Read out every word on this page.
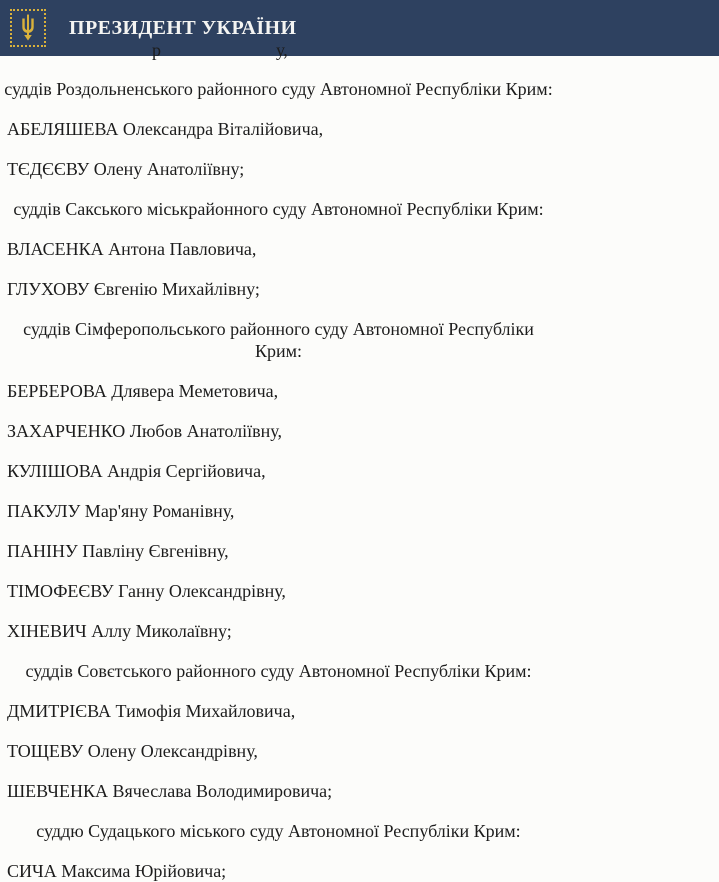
ПРЕЗИДЕНТ УКРАЇНИ
р	у,

суддів Роздольненського районного суду Автономної Республіки Крим:

АБЕЛЯШЕВА Олександра Віталійовича,

ТЄДЄЄВУ Олену Анатоліївну;

суддів Сакського міськрайонного суду Автономної Республіки Крим:

ВЛАСЕНКА Антона Павловича,

ГЛУХОВУ Євгенію Михайлівну;

суддів Сімферопольського районного суду Автономної Республіки Крим:

БЕРБЕРОВА Длявера Меметовича,

ЗАХАРЧЕНКО Любов Анатоліївну,

КУЛІШОВА Андрія Сергійовича,

ПАКУЛУ Мар'яну Романівну,

ПАНІНУ Павліну Євгенівну,

ТІМОФЕЄВУ Ганну Олександрівну,

ХІНЕВИЧ Аллу Миколаївну;

суддів Совєтського районного суду Автономної Республіки Крим:

ДМИТРІЄВА Тимофія Михайловича,

ТОЩЕВУ Олену Олександрівну,

ШЕВЧЕНКА Вячеслава Володимировича;

суддю Судацького міського суду Автономної Республіки Крим:

СИЧА Максима Юрійовича;
